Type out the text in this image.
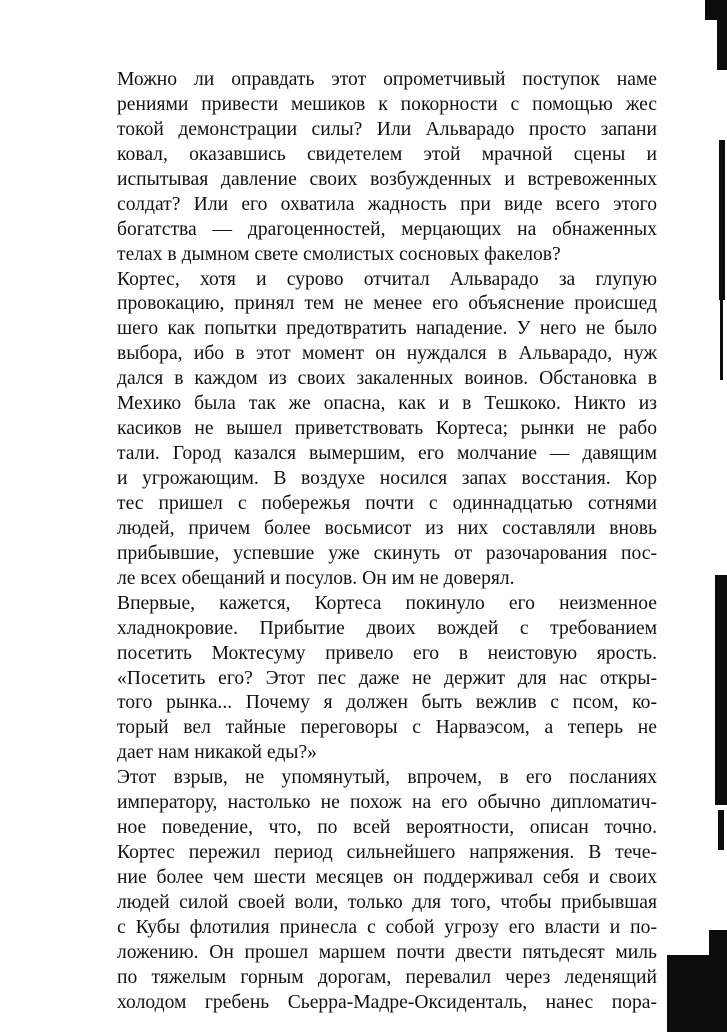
Можно ли оправдать этот опрометчивый поступок наме
рениями привести мешиков к покорности с помощью жес
токой демонстрации силы? Или Альварадо просто запани
ковал, оказавшись свидетелем этой мрачной сцены и
испытывая давление своих возбужденных и встревоженных
солдат? Или его охватила жадность при виде всего этого
богатства — драгоценностей, мерцающих на обнаженных
телах в дымном свете смолистых сосновых факелов?
Кортес, хотя и сурово отчитал Альварадо за глупую
провокацию, принял тем не менее его объяснение происшед
шего как попытки предотвратить нападение. У него не было
выбора, ибо в этот момент он нуждался в Альварадо, нуж
дался в каждом из своих закаленных воинов. Обстановка в
Мехико была так же опасна, как и в Тешкоко. Никто из
касиков не вышел приветствовать Кортеса; рынки не рабо
тали. Город казался вымершим, его молчание — давящим
и угрожающим. В воздухе носился запах восстания. Кор
тес пришел с побережья почти с одиннадцатью сотнями
людей, причем более восьмисот из них составляли вновь
прибывшие, успевшие уже скинуть от разочарования пос-
ле всех обещаний и посулов. Он им не доверял.
Впервые, кажется, Кортеса покинуло его неизменное
хладнокровие. Прибытие двоих вождей с требованием
посетить Моктесуму привело его в неистовую ярость.
«Посетить его? Этот пес даже не держит для нас откры-
того рынка... Почему я должен быть вежлив с псом, ко-
торый вел тайные переговоры с Нарваэсом, а теперь не
дает нам никакой еды?»
Этот взрыв, не упомянутый, впрочем, в его посланиях
императору, настолько не похож на его обычно дипломатич-
ное поведение, что, по всей вероятности, описан точно.
Кортес пережил период сильнейшего напряжения. В тече-
ние более чем шести месяцев он поддерживал себя и своих
людей силой своей воли, только для того, чтобы прибывшая
с Кубы флотилия принесла с собой угрозу его власти и по-
ложению. Он прошел маршем почти двести пятьдесят миль
по тяжелым горным дорогам, перевалил через леденящий
холодом гребень Сьерра-Мадре-Оксиденталь, нанес пора-
